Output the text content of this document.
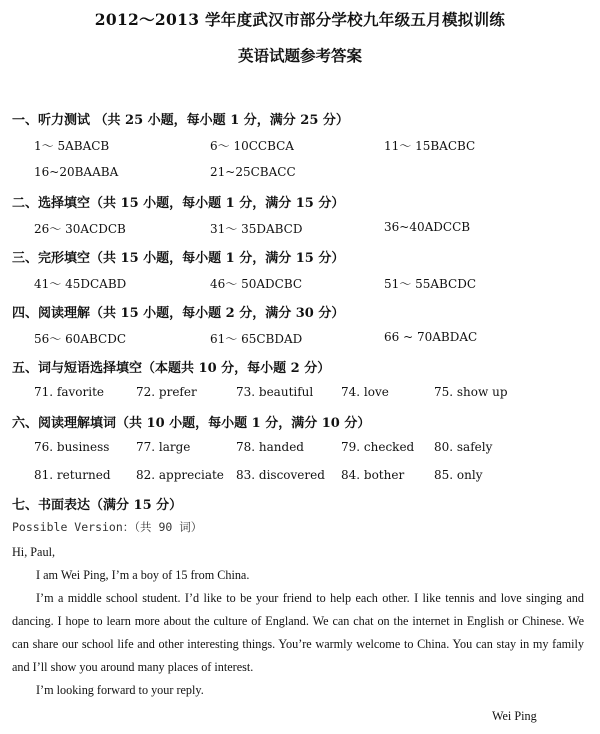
2012～2013 学年度武汉市部分学校九年级五月模拟训练
英语试题参考答案
一、听力测试 （共 25 小题，每小题 1 分，满分 25 分）
1～ 5ABACB	6～ 10CCBCA	11～ 15BACBC
16~20BAABA	21~25CBACC
二、选择填空（共 15 小题，每小题 1 分，满分 15 分）
26～ 30ACDCB	31～ 35DABCD	36~40ADCCB
三、完形填空（共 15 小题，每小题 1 分，满分 15 分）
41～ 45DCABD	46～ 50ADCBC	51～ 55ABCDC
四、阅读理解（共 15 小题，每小题 2 分，满分 30 分）
56～ 60ABCDC	61～ 65CBDAD	66 ~ 70ABDAC
五、词与短语选择填空（本题共 10 分，每小题 2 分）
71. favorite	72. prefer	73. beautiful 74. love	75. show up
六、阅读理解填词（共 10 小题，每小题 1 分，满分 10 分）
76. business 77. large	78. handed	79. checked 80. safely
81. returned 82. appreciate 83. discovered 84. bother 85. only
七、书面表达（满分 15 分）
Possible Version：（共 90 词）

Hi, Paul,

I am Wei Ping, I’m a boy of 15 from China.

I’m a middle school student. I’d like to be your friend to help each other. I like tennis and love singing and dancing. I hope to learn more about the culture of England. We can chat on the internet in English or Chinese. We can share our school life and other interesting things. You’re warmly welcome to China. You can stay in my family and I’ll show you around many places of interest.

I’m looking forward to your reply.

Wei Ping
